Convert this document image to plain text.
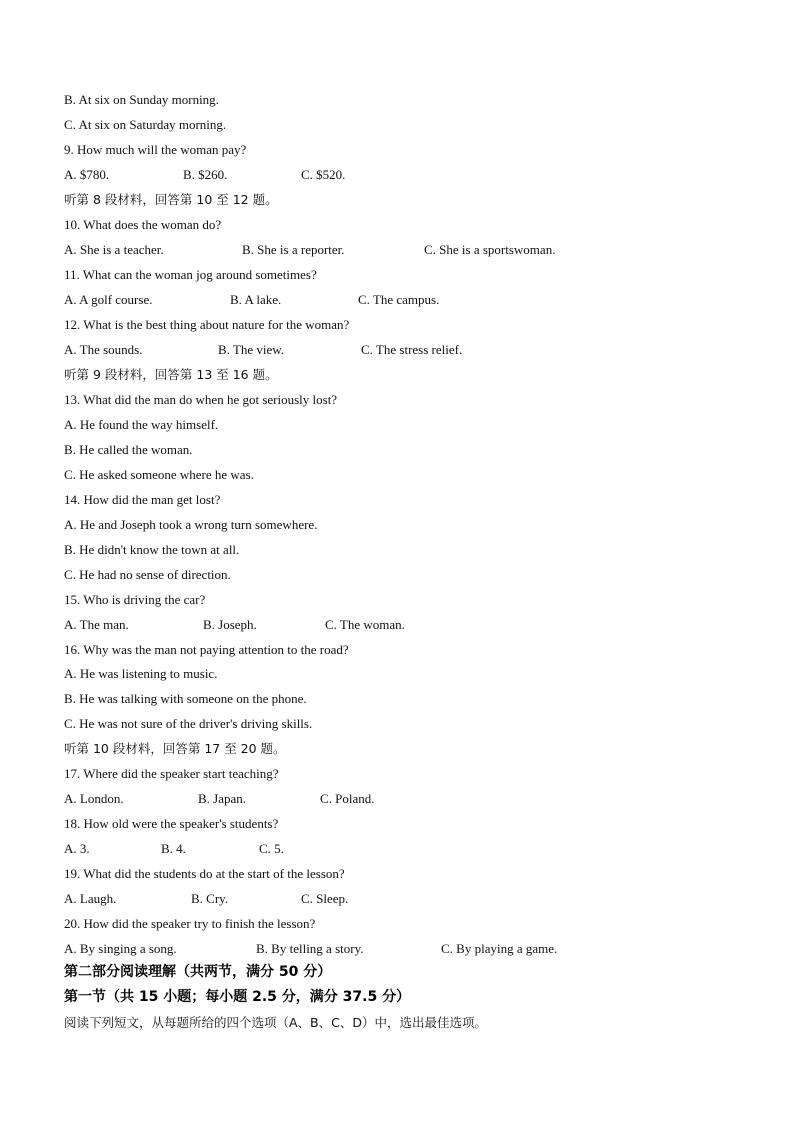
B. At six on Sunday morning.
C. At six on Saturday morning.
9. How much will the woman pay?
A. $780.	B. $260.	C. $520.
听第 8 段材料，回答第 10 至 12 题。
10. What does the woman do?
A. She is a teacher.	B. She is a reporter.	C. She is a sportswoman.
11. What can the woman jog around sometimes?
A. A golf course.	B. A lake.	C. The campus.
12. What is the best thing about nature for the woman?
A. The sounds.	B. The view.	C. The stress relief.
听第 9 段材料，回答第 13 至 16 题。
13. What did the man do when he got seriously lost?
A. He found the way himself.
B. He called the woman.
C. He asked someone where he was.
14. How did the man get lost?
A. He and Joseph took a wrong turn somewhere.
B. He didn't know the town at all.
C. He had no sense of direction.
15. Who is driving the car?
A. The man.	B. Joseph.	C. The woman.
16. Why was the man not paying attention to the road?
A. He was listening to music.
B. He was talking with someone on the phone.
C. He was not sure of the driver's driving skills.
听第 10 段材料，回答第 17 至 20 题。
17. Where did the speaker start teaching?
A. London.	B. Japan.	C. Poland.
18. How old were the speaker's students?
A. 3.	B. 4.	C. 5.
19. What did the students do at the start of the lesson?
A. Laugh.	B. Cry.	C. Sleep.
20. How did the speaker try to finish the lesson?
A. By singing a song.	B. By telling a story.	C. By playing a game.
第二部分阅读理解（共两节，满分 50 分）
第一节（共 15 小题；每小题 2.5 分，满分 37.5 分）
阅读下列短文，从每题所给的四个选项（A、B、C、D）中，选出最佳选项。
